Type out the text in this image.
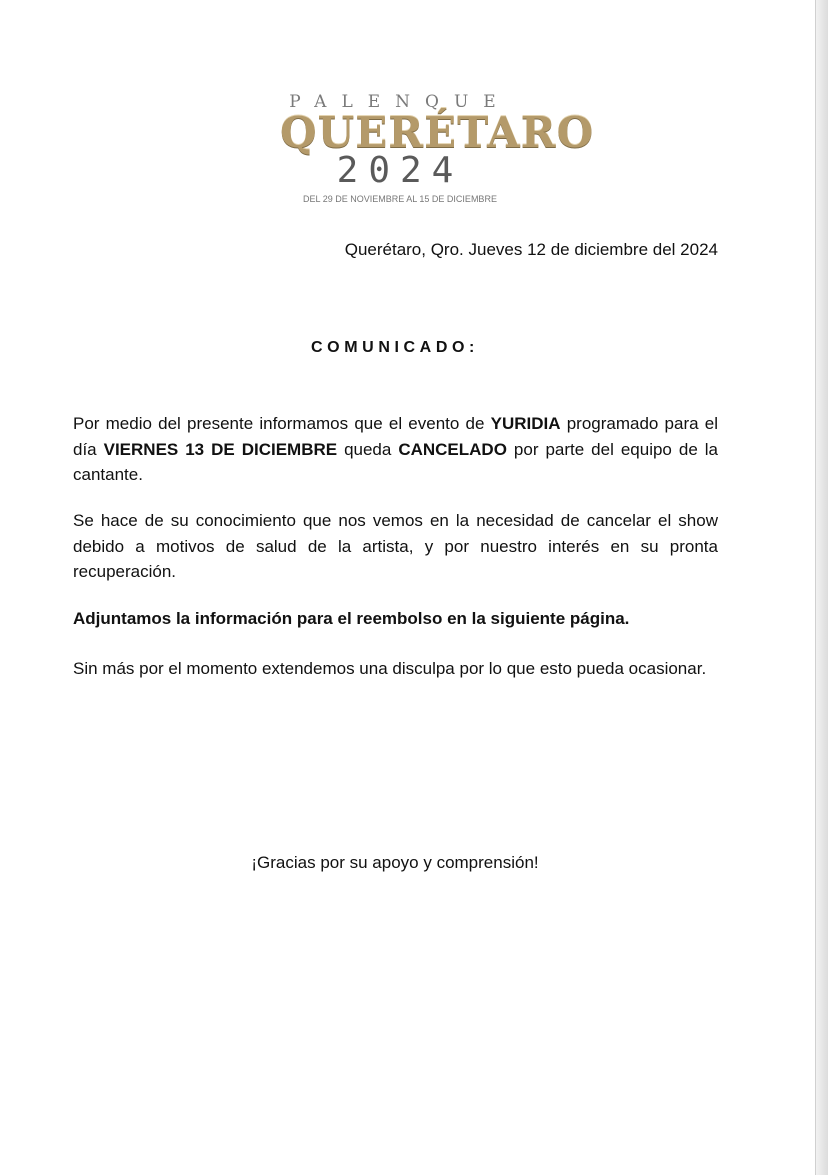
PALENQUE
QUERÉTARO
2024
DEL 29 DE NOVIEMBRE AL 15 DE DICIEMBRE
Querétaro, Qro. Jueves 12 de diciembre del 2024
COMUNICADO:

Por medio del presente informamos que el evento de YURIDIA programado para el día VIERNES 13 DE DICIEMBRE queda CANCELADO por parte del equipo de la cantante.

Se hace de su conocimiento que nos vemos en la necesidad de cancelar el show debido a motivos de salud de la artista, y por nuestro interés en su pronta recuperación.

Adjuntamos la información para el reembolso en la siguiente página.

Sin más por el momento extendemos una disculpa por lo que esto pueda ocasionar.

¡Gracias por su apoyo y comprensión!
